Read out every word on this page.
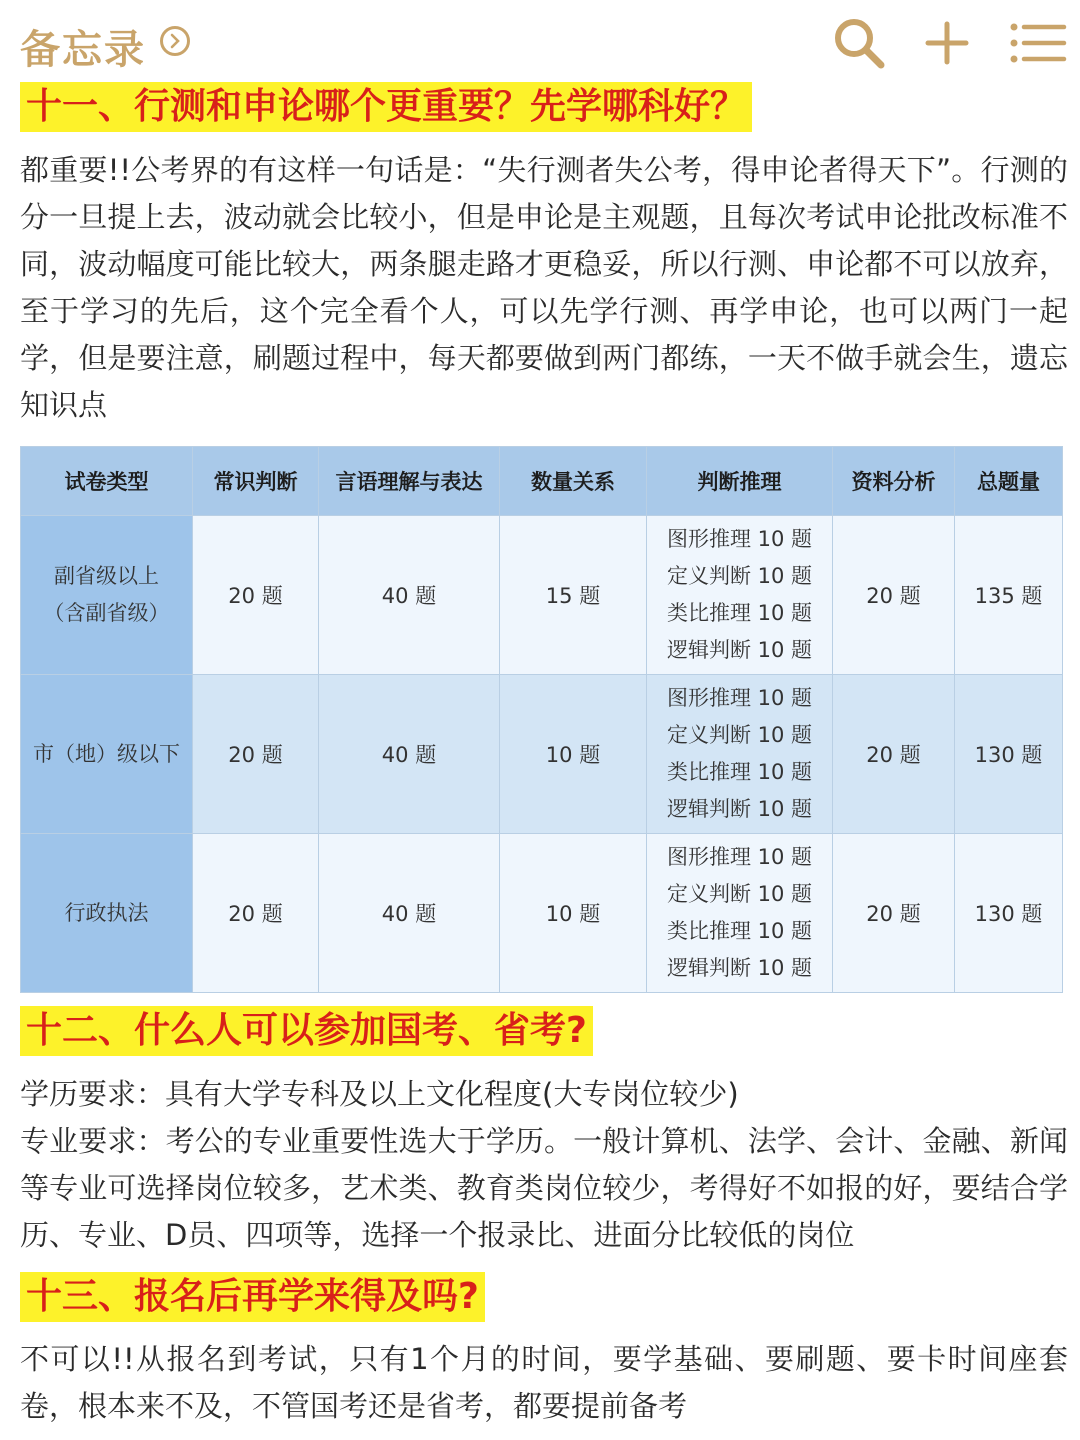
备忘录
十一、行测和申论哪个更重要？先学哪科好？

都重要!!公考界的有这样一句话是：“失行测者失公考，得申论者得天下”。行测的分一旦提上去，波动就会比较小，但是申论是主观题，且每次考试申论批改标准不同，波动幅度可能比较大，两条腿走路才更稳妥，所以行测、申论都不可以放弃，至于学习的先后，这个完全看个人，可以先学行测、再学申论，也可以两门一起学，但是要注意，刷题过程中，每天都要做到两门都练，一天不做手就会生，遗忘知识点

试卷类型	常识判断	言语理解与表达	数量关系	判断推理	资料分析	总题量

副省级以上
（含副省级）	20 题	40 题	15 题	图形推理 10 题
定义判断 10 题
类比推理 10 题
逻辑判断 10 题	20 题	135 题

市（地）级以下	20 题	40 题	10 题	图形推理 10 题
定义判断 10 题
类比推理 10 题
逻辑判断 10 题	20 题	130 题

行政执法	20 题	40 题	10 题	图形推理 10 题
定义判断 10 题
类比推理 10 题
逻辑判断 10 题	20 题	130 题
十二、什么人可以参加国考、省考?

学历要求：具有大学专科及以上文化程度(大专岗位较少)

专业要求：考公的专业重要性选大于学历。一般计算机、法学、会计、金融、新闻等专业可选择岗位较多，艺术类、教育类岗位较少，考得好不如报的好，要结合学历、专业、D员、四项等，选择一个报录比、进面分比较低的岗位

十三、报名后再学来得及吗?

不可以!!从报名到考试，只有1个月的时间，要学基础、要刷题、要卡时间座套卷，根本来不及，不管国考还是省考，都要提前备考
